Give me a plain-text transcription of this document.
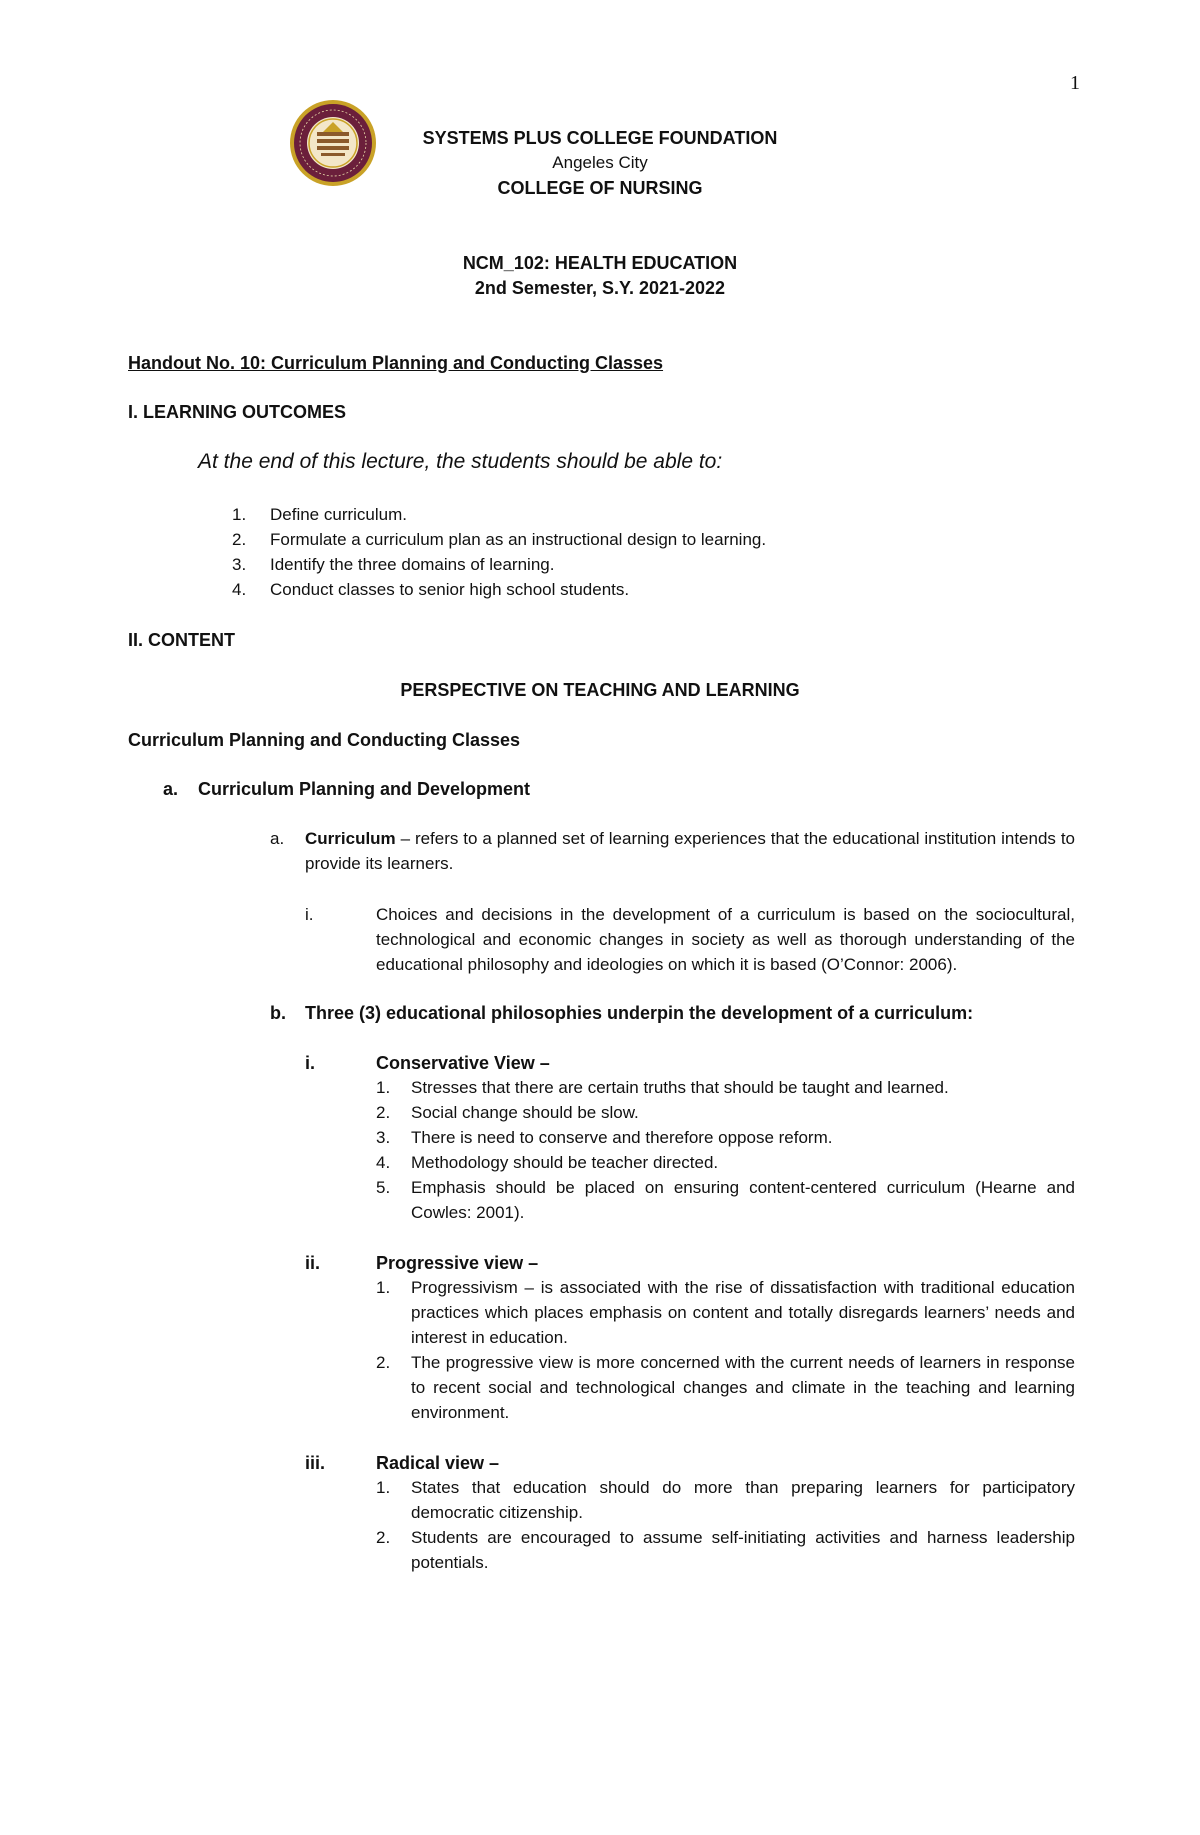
1
SYSTEMS PLUS COLLEGE FOUNDATION
Angeles City
COLLEGE OF NURSING
NCM_102: HEALTH EDUCATION
2nd Semester, S.Y. 2021-2022
Handout No. 10: Curriculum Planning and Conducting Classes
I. LEARNING OUTCOMES
At the end of this lecture, the students should be able to:
1. Define curriculum.
2. Formulate a curriculum plan as an instructional design to learning.
3. Identify the three domains of learning.
4. Conduct classes to senior high school students.
II. CONTENT
PERSPECTIVE ON TEACHING AND LEARNING
Curriculum Planning and Conducting Classes
a. Curriculum Planning and Development
a. Curriculum – refers to a planned set of learning experiences that the educational institution intends to provide its learners.
i.	Choices and decisions in the development of a curriculum is based on the sociocultural, technological and economic changes in society as well as thorough understanding of the educational philosophy and ideologies on which it is based (O’Connor: 2006).
b. Three (3) educational philosophies underpin the development of a curriculum:
i.	Conservative View –
1. Stresses that there are certain truths that should be taught and learned.
2. Social change should be slow.
3. There is need to conserve and therefore oppose reform.
4. Methodology should be teacher directed.
5. Emphasis should be placed on ensuring content-centered curriculum (Hearne and Cowles: 2001).
ii.	Progressive view –
1. Progressivism – is associated with the rise of dissatisfaction with traditional education practices which places emphasis on content and totally disregards learners’ needs and interest in education.
2. The progressive view is more concerned with the current needs of learners in response to recent social and technological changes and climate in the teaching and learning environment.
iii.	Radical view –
1. States that education should do more than preparing learners for participatory democratic citizenship.
2. Students are encouraged to assume self-initiating activities and harness leadership potentials.
